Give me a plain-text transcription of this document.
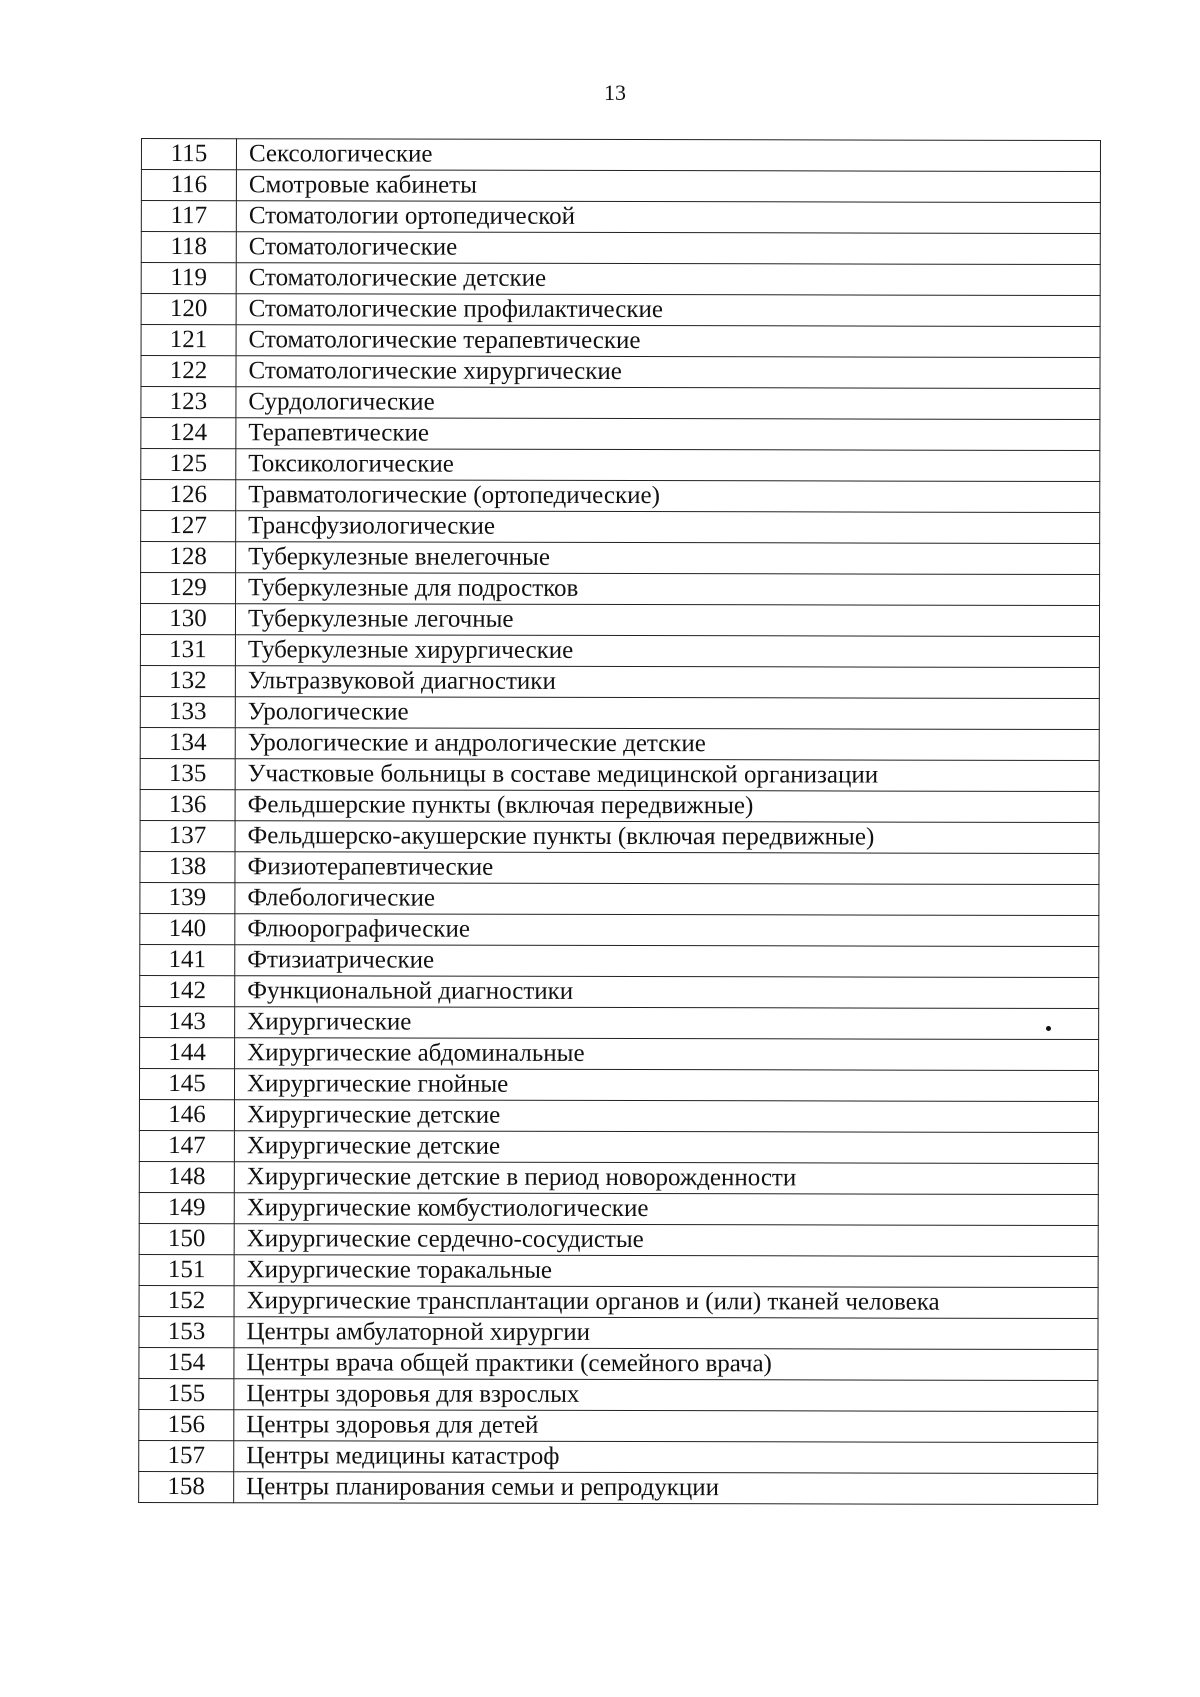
13
115	Сексологические
116	Смотровые кабинеты
117	Стоматологии ортопедической
118	Стоматологические
119	Стоматологические детские
120	Стоматологические профилактические
121	Стоматологические терапевтические
122	Стоматологические хирургические
123	Сурдологические
124	Терапевтические
125	Токсикологические
126	Травматологические (ортопедические)
127	Трансфузиологические
128	Туберкулезные внелегочные
129	Туберкулезные для подростков
130	Туберкулезные легочные
131	Туберкулезные хирургические
132	Ультразвуковой диагностики
133	Урологические
134	Урологические и андрологические детские
135	Участковые больницы в составе медицинской организации
136	Фельдшерские пункты (включая передвижные)
137	Фельдшерско-акушерские пункты (включая передвижные)
138	Физиотерапевтические
139	Флебологические
140	Флюорографические
141	Фтизиатрические
142	Функциональной диагностики
143	Хирургические
144	Хирургические абдоминальные
145	Хирургические гнойные
146	Хирургические детские
147	Хирургические детские
148	Хирургические детские в период новорожденности
149	Хирургические комбустиологические
150	Хирургические сердечно-сосудистые
151	Хирургические торакальные
152	Хирургические трансплантации органов и (или) тканей человека
153	Центры амбулаторной хирургии
154	Центры врача общей практики (семейного врача)
155	Центры здоровья для взрослых
156	Центры здоровья для детей
157	Центры медицины катастроф
158	Центры планирования семьи и репродукции
